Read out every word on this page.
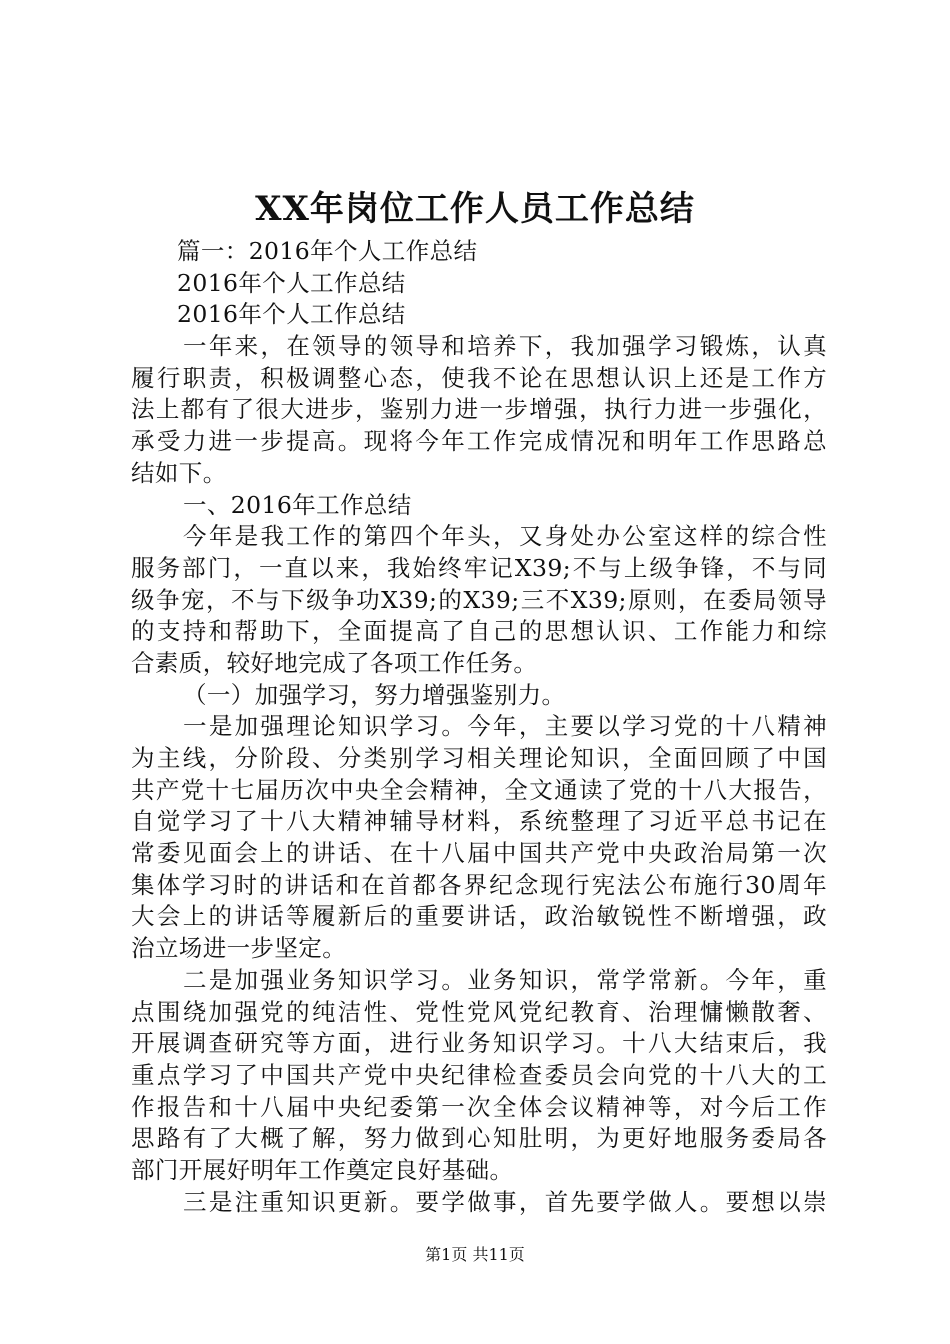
XX年岗位工作人员工作总结
篇一：2016年个人工作总结
2016年个人工作总结
2016年个人工作总结
一年来，在领导的领导和培养下，我加强学习锻炼，认真
履行职责，积极调整心态，使我不论在思想认识上还是工作方
法上都有了很大进步，鉴别力进一步增强，执行力进一步强化，
承受力进一步提高。现将今年工作完成情况和明年工作思路总
结如下。
一、2016年工作总结
今年是我工作的第四个年头，又身处办公室这样的综合性
服务部门，一直以来，我始终牢记X39;不与上级争锋，不与同
级争宠，不与下级争功X39;的X39;三不X39;原则，在委局领导
的支持和帮助下，全面提高了自己的思想认识、工作能力和综
合素质，较好地完成了各项工作任务。
（一）加强学习，努力增强鉴别力。
一是加强理论知识学习。今年，主要以学习党的十八精神
为主线，分阶段、分类别学习相关理论知识，全面回顾了中国
共产党十七届历次中央全会精神，全文通读了党的十八大报告，
自觉学习了十八大精神辅导材料，系统整理了习近平总书记在
常委见面会上的讲话、在十八届中国共产党中央政治局第一次
集体学习时的讲话和在首都各界纪念现行宪法公布施行30周年
大会上的讲话等履新后的重要讲话，政治敏锐性不断增强，政
治立场进一步坚定。
二是加强业务知识学习。业务知识，常学常新。今年，重
点围绕加强党的纯洁性、党性党风党纪教育、治理慵懒散奢、
开展调查研究等方面，进行业务知识学习。十八大结束后，我
重点学习了中国共产党中央纪律检查委员会向党的十八大的工
作报告和十八届中央纪委第一次全体会议精神等，对今后工作
思路有了大概了解，努力做到心知肚明，为更好地服务委局各
部门开展好明年工作奠定良好基础。
三是注重知识更新。要学做事，首先要学做人。要想以崇
第1页 共11页
